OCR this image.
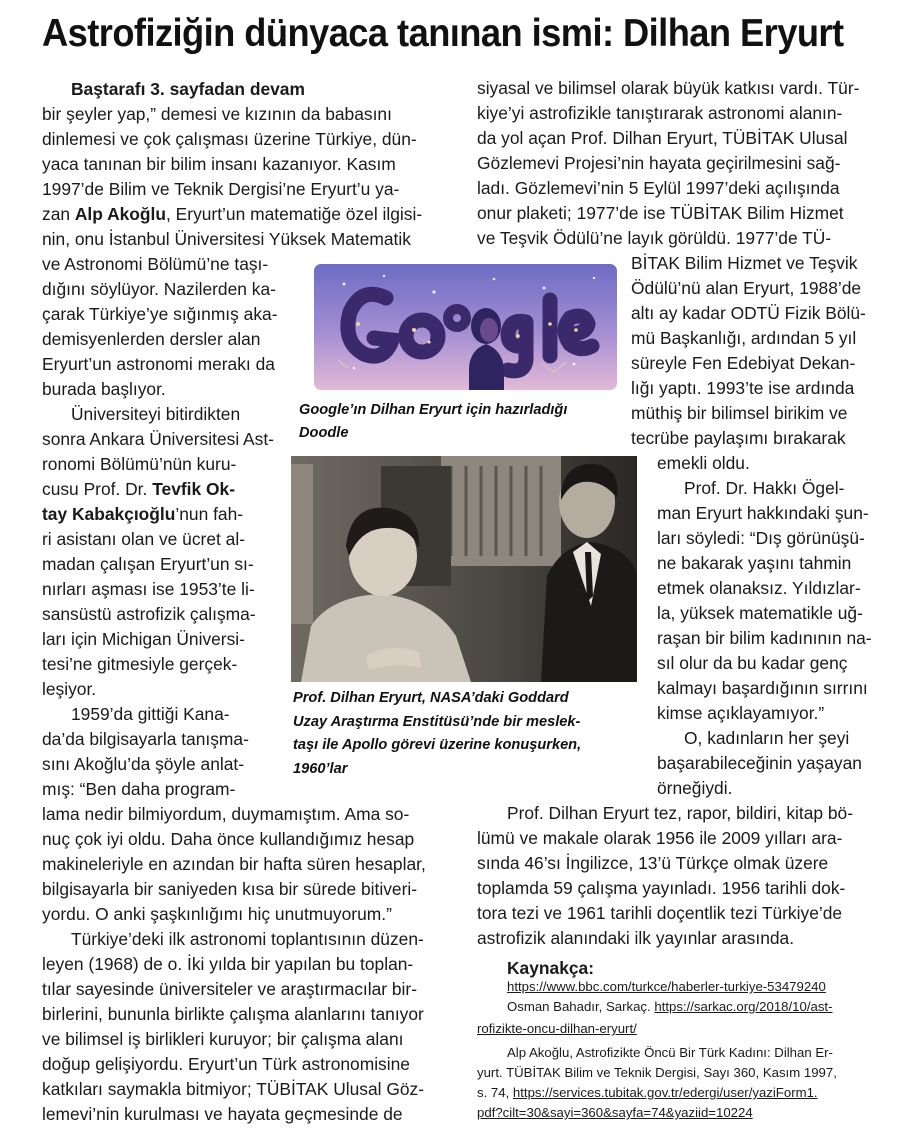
Astrofiziğin dünyaca tanınan ismi: Dilhan Eryurt
Baştarafı 3. sayfadan devam
bir şeyler yap,” demesi ve kızının da babasını
dinlemesi ve çok çalışması üzerine Türkiye, dün-
yaca tanınan bir bilim insanı kazanıyor. Kasım
1997’de Bilim ve Teknik Dergisi’ne Eryurt’u ya-
zan Alp Akoğlu, Eryurt’un matematiğe özel ilgisi-
nin, onu İstanbul Üniversitesi Yüksek Matematik
ve Astronomi Bölümü’ne taşı-
dığını söylüyor. Nazilerden ka-
çarak Türkiye’ye sığınmış aka-
demisyenlerden dersler alan
Eryurt’un astronomi merakı da
burada başlıyor.
Üniversiteyi bitirdikten
sonra Ankara Üniversitesi Ast-
ronomi Bölümü’nün kuru-
cusu Prof. Dr. Tevfik Ok-
tay Kabakçıoğlu’nun fah-
ri asistanı olan ve ücret al-
madan çalışan Eryurt’un sı-
nırları aşması ise 1953’te li-
sansüstü astrofizik çalışma-
ları için Michigan Üniversi-
tesi’ne gitmesiyle gerçek-
leşiyor.
1959’da gittiği Kana-
da’da bilgisayarla tanışma-
sını Akoğlu’da şöyle anlat-
mış: “Ben daha program-
lama nedir bilmiyordum, duymamıştım. Ama so-
nuç çok iyi oldu. Daha önce kullandığımız hesap
makineleriyle en azından bir hafta süren hesaplar,
bilgisayarla bir saniyeden kısa bir sürede bitiveri-
yordu. O anki şaşkınlığımı hiç unutmuyorum.”
Türkiye’deki ilk astronomi toplantısının düzen-
leyen (1968) de o. İki yılda bir yapılan bu toplan-
tılar sayesinde üniversiteler ve araştırmacılar bir-
birlerini, bununla birlikte çalışma alanlarını tanıyor
ve bilimsel iş birlikleri kuruyor; bir çalışma alanı
doğup gelişiyordu. Eryurt’un Türk astronomisine
katkıları saymakla bitmiyor; TÜBİTAK Ulusal Göz-
lemevi’nin kurulması ve hayata geçmesinde de
siyasal ve bilimsel olarak büyük katkısı vardı. Tür-
kiye’yi astrofizikle tanıştırarak astronomi alanın-
da yol açan Prof. Dilhan Eryurt, TÜBİTAK Ulusal
Gözlemevi Projesi’nin hayata geçirilmesini sağ-
ladı. Gözlemevi’nin 5 Eylül 1997’deki açılışında
onur plaketi; 1977’de ise TÜBİTAK Bilim Hizmet
ve Teşvik Ödülü’ne layık görüldü. 1977’de TÜ-
BİTAK Bilim Hizmet ve Teşvik
Ödülü’nü alan Eryurt, 1988’de
altı ay kadar ODTÜ Fizik Bölü-
mü Başkanlığı, ardından 5 yıl
süreyle Fen Edebiyat Dekan-
lığı yaptı. 1993’te ise ardında
müthiş bir bilimsel birikim ve
tecrübe paylaşımı bırakarak
emekli oldu.
Prof. Dr. Hakkı Ögel-
man Eryurt hakkındaki şun-
ları söyledi: “Dış görünüşü-
ne bakarak yaşını tahmin
etmek olanaksız. Yıldızlar-
la, yüksek matematikle uğ-
raşan bir bilim kadınının na-
sıl olur da bu kadar genç
kalmayı başardığının sırrını
kimse açıklayamıyor.”
O, kadınların her şeyi
başarabileceğinin yaşayan
örneğiydi.
Prof. Dilhan Eryurt tez, rapor, bildiri, kitap bö-
lümü ve makale olarak 1956 ile 2009 yılları ara-
sında 46’sı İngilizce, 13’ü Türkçe olmak üzere
toplamda 59 çalışma yayınladı. 1956 tarihli dok-
tora tezi ve 1961 tarihli doçentlik tezi Türkiye’de
astrofizik alanındaki ilk yayınlar arasında.
Google’ın Dilhan Eryurt için hazırladığı
Doodle
Prof. Dilhan Eryurt, NASA’daki Goddard
Uzay Araştırma Enstitüsü’nde bir meslek-
taşı ile Apollo görevi üzerine konuşurken,
1960’lar
Kaynakça:
https://www.bbc.com/turkce/haberler-turkiye-53479240
Osman Bahadır, Sarkaç. https://sarkac.org/2018/10/ast-
rofizikte-oncu-dilhan-eryurt/
Alp Akoğlu, Astrofizikte Öncü Bir Türk Kadını: Dilhan Er-
yurt. TÜBİTAK Bilim ve Teknik Dergisi, Sayı 360, Kasım 1997,
s. 74, https://services.tubitak.gov.tr/edergi/user/yaziForm1.
pdf?cilt=30&sayi=360&sayfa=74&yaziid=10224
